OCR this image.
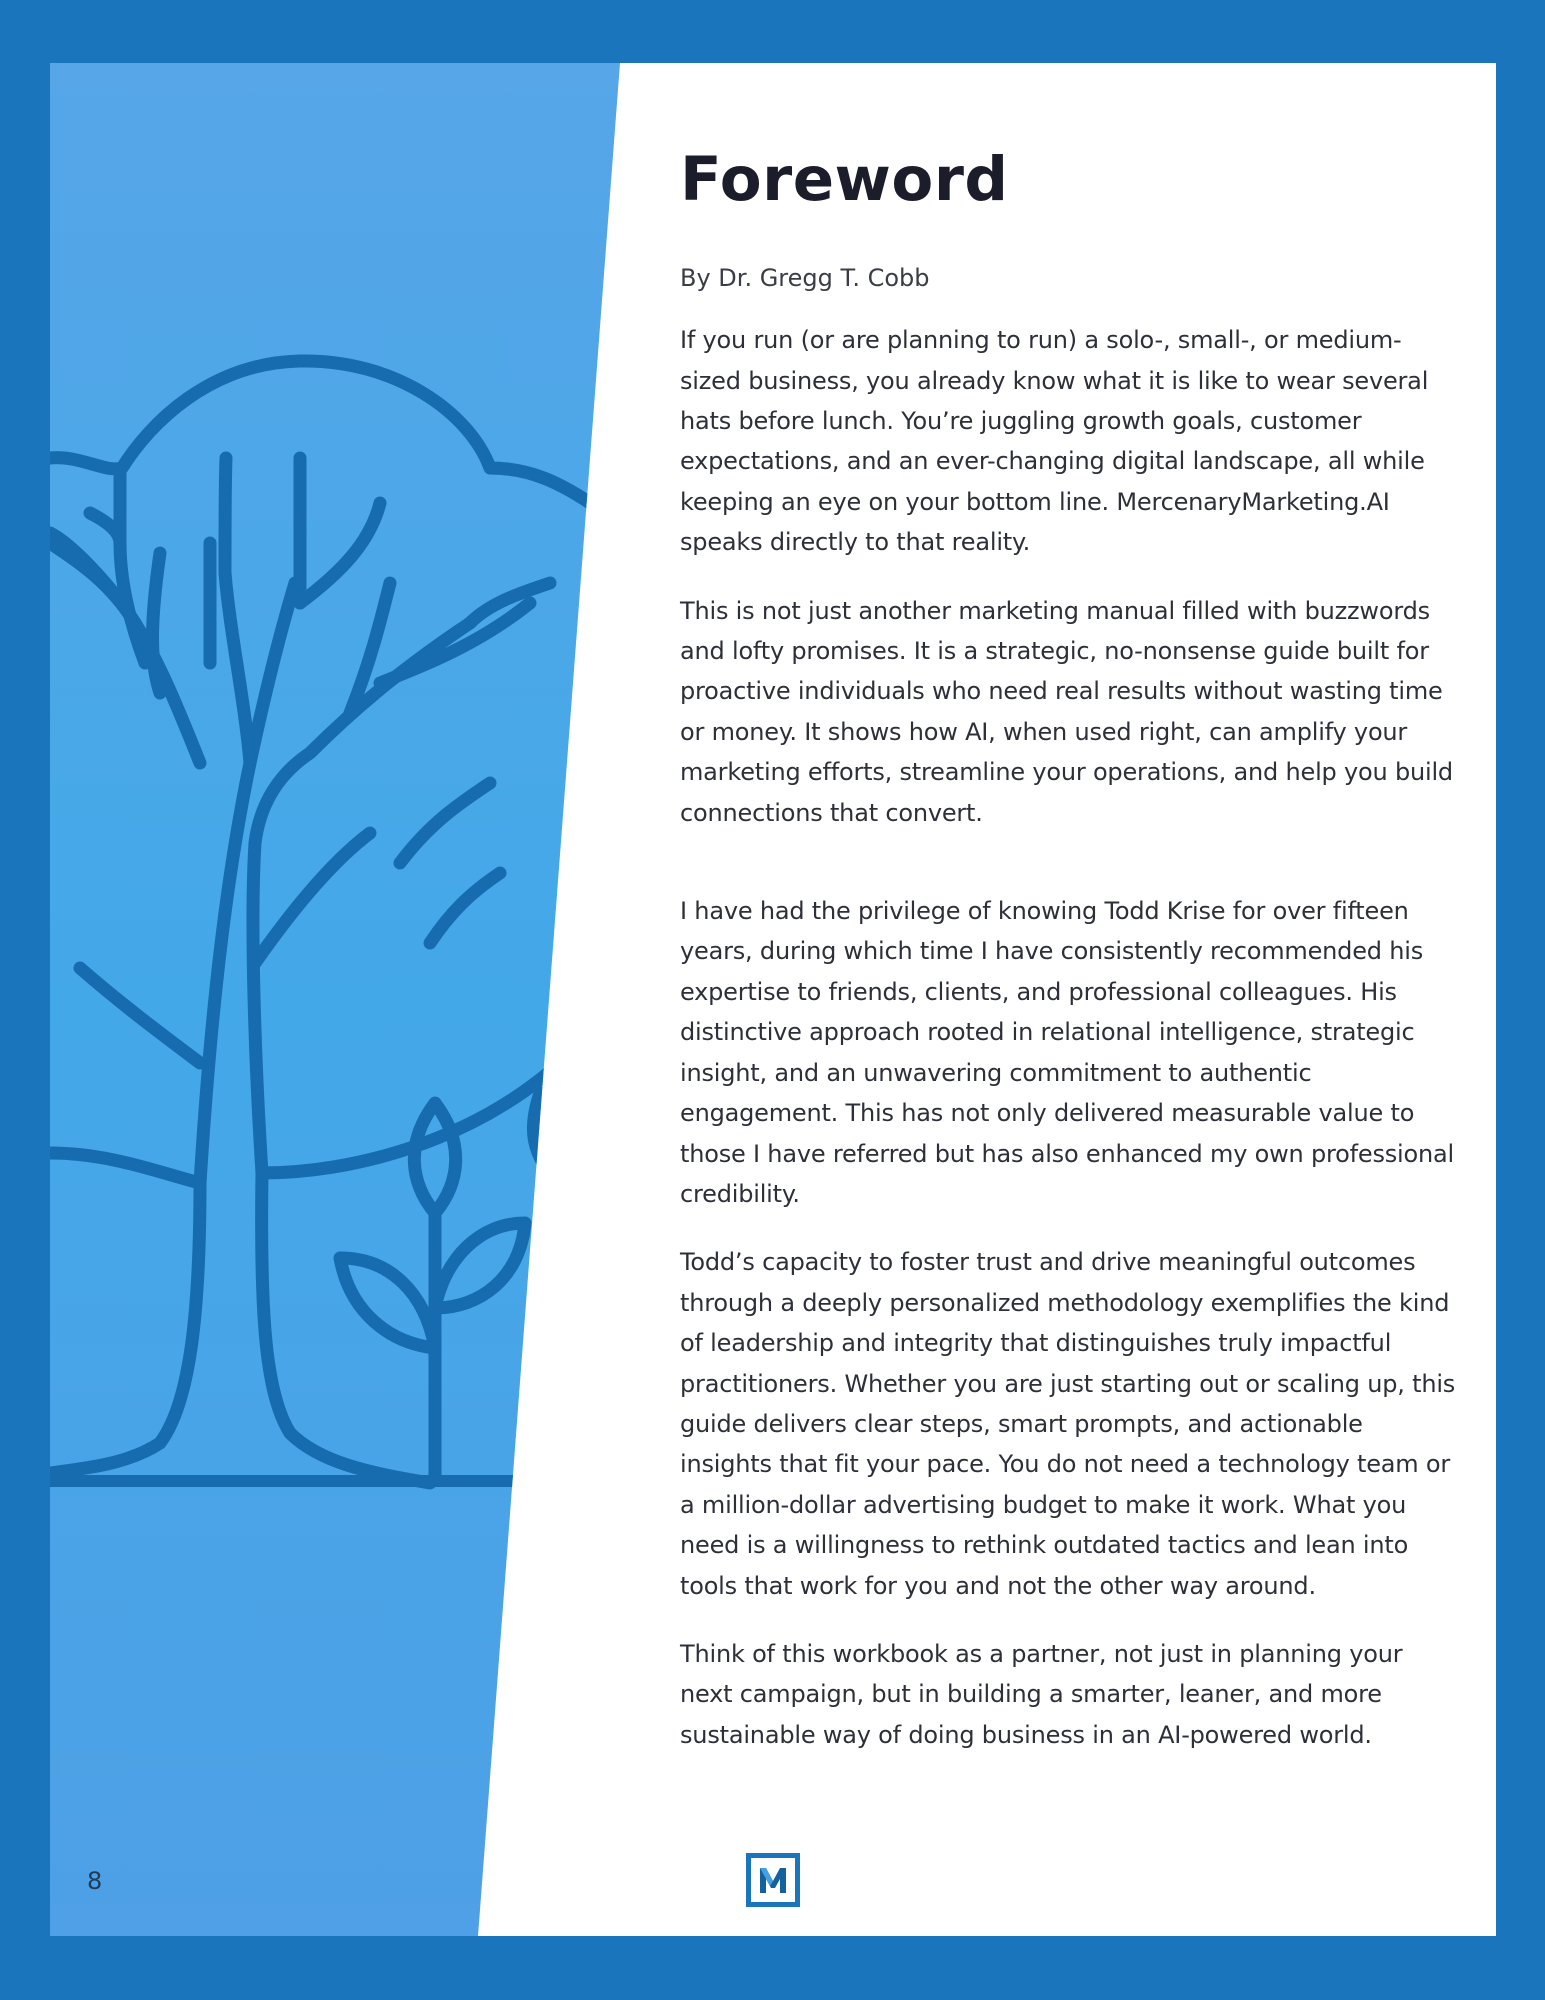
Foreword

By Dr. Gregg T. Cobb

If you run (or are planning to run) a solo-, small-, or medium-sized business, you already know what it is like to wear several hats before lunch. You’re juggling growth goals, customer expectations, and an ever-changing digital landscape, all while keeping an eye on your bottom line. MercenaryMarketing.AI speaks directly to that reality.

This is not just another marketing manual filled with buzzwords and lofty promises. It is a strategic, no-nonsense guide built for proactive individuals who need real results without wasting time or money. It shows how AI, when used right, can amplify your marketing efforts, streamline your operations, and help you build connections that convert.

I have had the privilege of knowing Todd Krise for over fifteen years, during which time I have consistently recommended his expertise to friends, clients, and professional colleagues. His distinctive approach rooted in relational intelligence, strategic insight, and an unwavering commitment to authentic engagement. This has not only delivered measurable value to those I have referred but has also enhanced my own professional credibility.

Todd’s capacity to foster trust and drive meaningful outcomes through a deeply personalized methodology exemplifies the kind of leadership and integrity that distinguishes truly impactful practitioners. Whether you are just starting out or scaling up, this guide delivers clear steps, smart prompts, and actionable insights that fit your pace. You do not need a technology team or a million-dollar advertising budget to make it work. What you need is a willingness to rethink outdated tactics and lean into tools that work for you and not the other way around.

Think of this workbook as a partner, not just in planning your next campaign, but in building a smarter, leaner, and more sustainable way of doing business in an AI-powered world.

8
